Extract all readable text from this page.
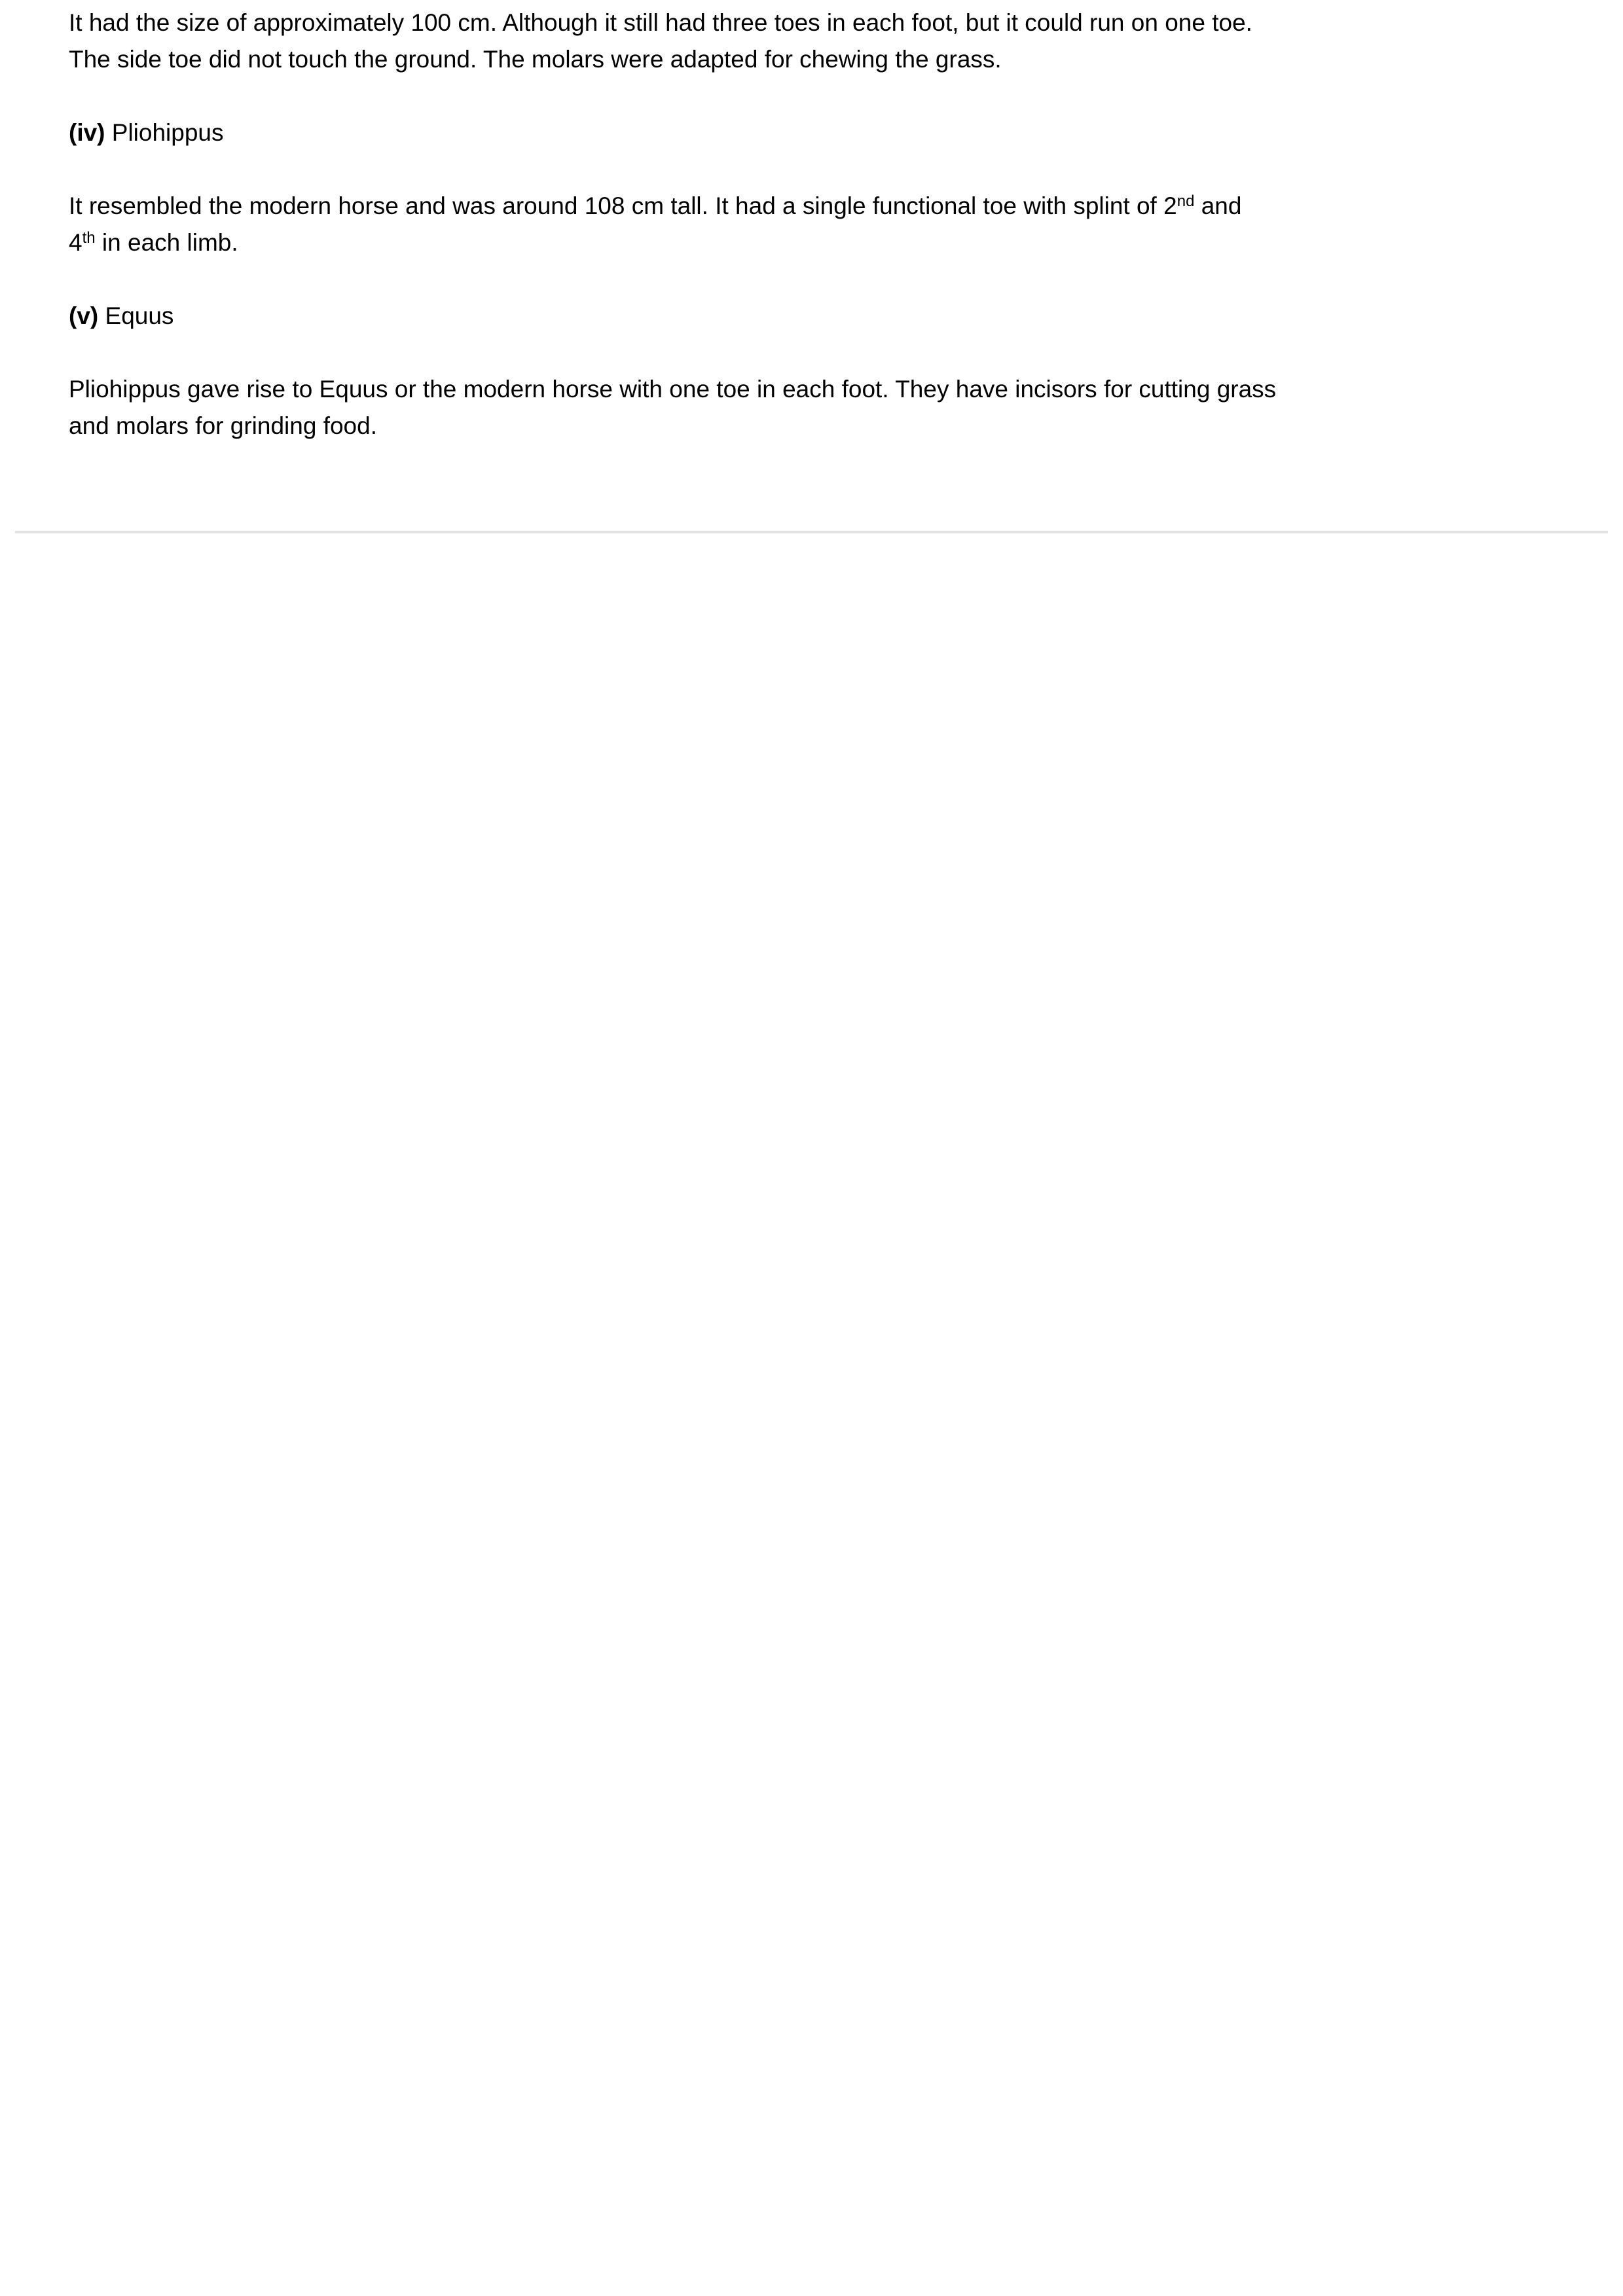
It had the size of approximately 100 cm. Although it still had three toes in each foot, but it could run on one toe.
The side toe did not touch the ground. The molars were adapted for chewing the grass.
(iv) Pliohippus
It resembled the modern horse and was around 108 cm tall. It had a single functional toe with splint of 2nd and
4th in each limb.
(v) Equus
Pliohippus gave rise to Equus or the modern horse with one toe in each foot. They have incisors for cutting grass
and molars for grinding food.
